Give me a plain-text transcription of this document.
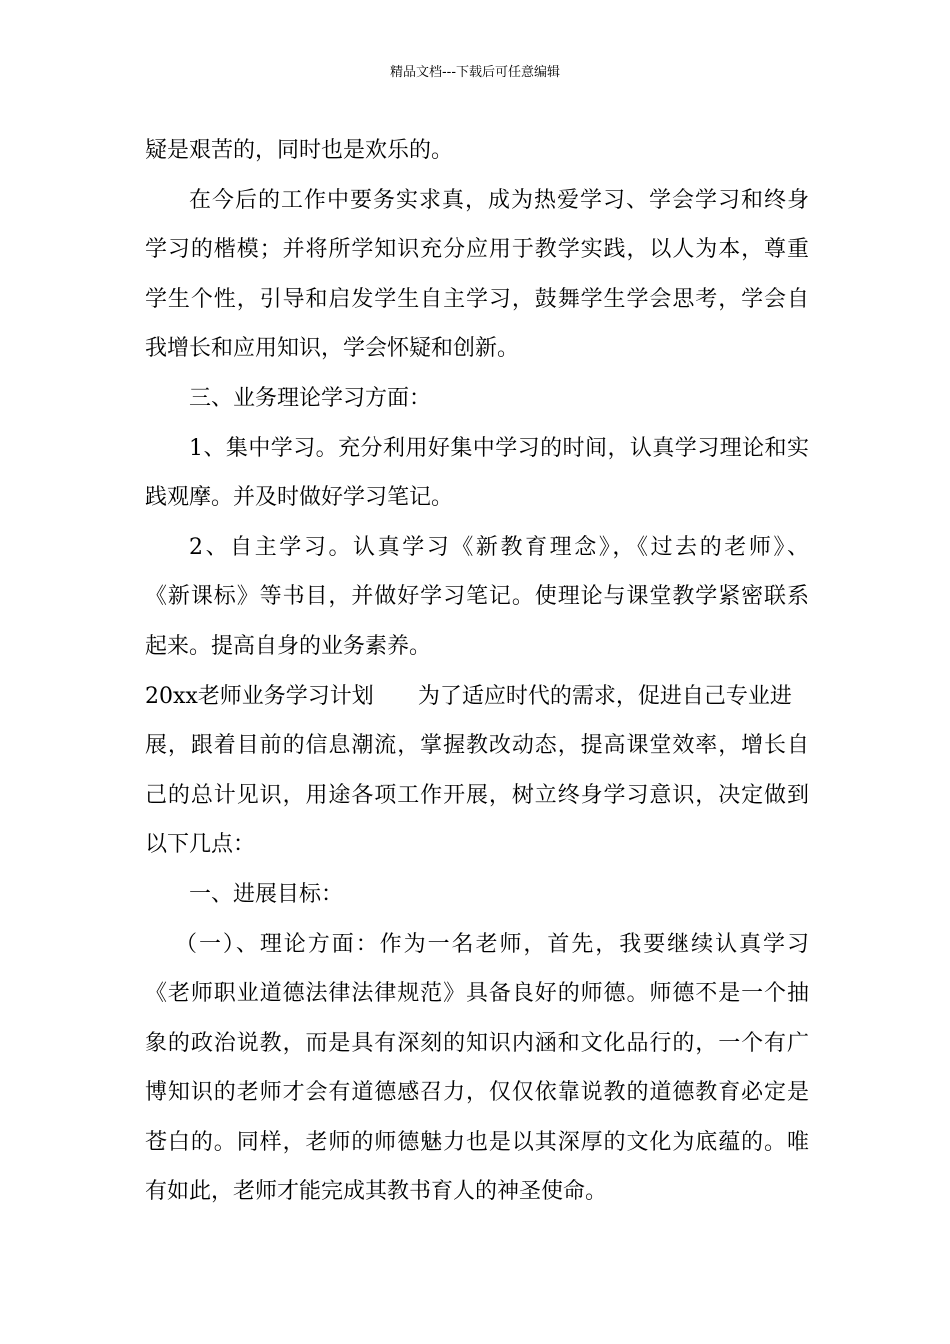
精品文档---下载后可任意编辑
疑是艰苦的，同时也是欢乐的。
在今后的工作中要务实求真，成为热爱学习、学会学习和终身
学习的楷模；并将所学知识充分应用于教学实践，以人为本，尊重
学生个性，引导和启发学生自主学习，鼓舞学生学会思考，学会自
我增长和应用知识，学会怀疑和创新。
三、业务理论学习方面：
1、集中学习。充分利用好集中学习的时间，认真学习理论和实
践观摩。并及时做好学习笔记。
2、自主学习。认真学习《新教育理念》，《过去的老师》、
《新课标》等书目，并做好学习笔记。使理论与课堂教学紧密联系
起来。提高自身的业务素养。
20xx老师业务学习计划 为了适应时代的需求，促进自己专业进
展，跟着目前的信息潮流，掌握教改动态，提高课堂效率，增长自
己的总计见识，用途各项工作开展，树立终身学习意识，决定做到
以下几点：
一、进展目标：
（一）、理论方面：作为一名老师，首先，我要继续认真学习
《老师职业道德法律法律规范》具备良好的师德。师德不是一个抽
象的政治说教，而是具有深刻的知识内涵和文化品行的，一个有广
博知识的老师才会有道德感召力，仅仅依靠说教的道德教育必定是
苍白的。同样，老师的师德魅力也是以其深厚的文化为底蕴的。唯
有如此，老师才能完成其教书育人的神圣使命。
